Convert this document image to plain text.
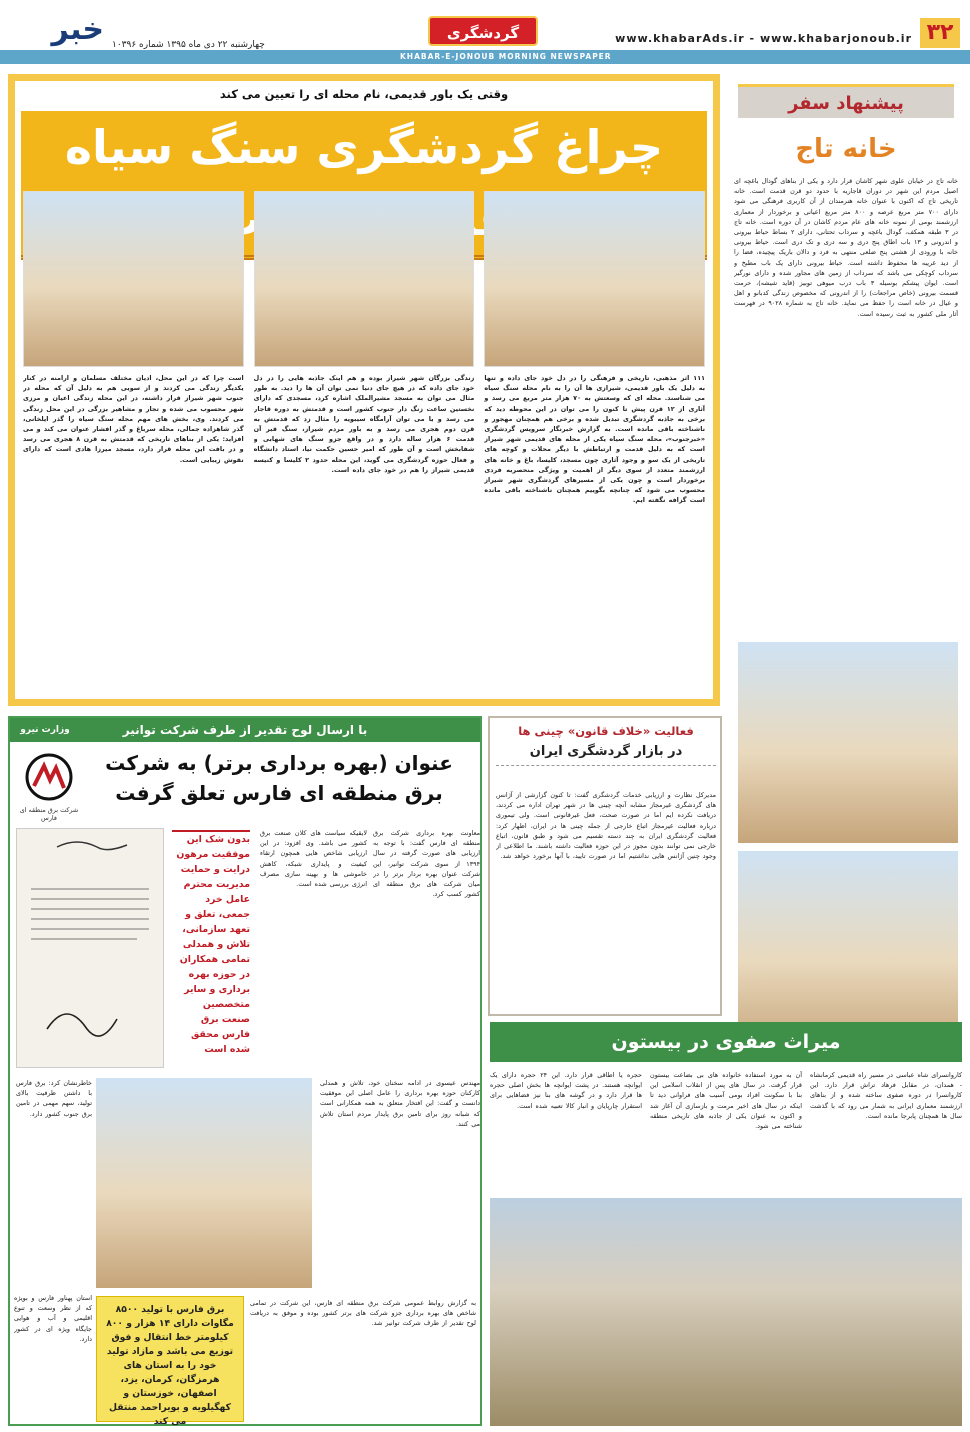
۳۲
www.khabarAds.ir - www.khabarjonoub.ir
گردشگری
خبر چهارشنبه ۲۲ دی ماه ۱۳۹۵ شماره ۱۰۳۹۶
KHABAR-E-JONOUB MORNING NEWSPAPER
وقتی یک باور قدیمی، نام محله ای را تعیین می کند
چراغ گردشگری سنگ سیاه
۱۱۱ اثر مذهبی، تاریخی و فرهنگی را در دل خود جای داده و تنها به دلیل یک باور قدیمی، شیرازی ها آن را به نام محله سنگ سیاه می شناسند. محله ای که وسعتش به ۷۰ هزار متر مربع می رسد و آثاری از ۱۲ قرن پیش تا کنون را می توان در این محوطه دید که برخی به جاذبه گردشگری تبدیل شده و برخی هم همچنان مهجور و ناشناخته باقی مانده است. به گزارش خبرنگار سرویس گردشگری «خبرجنوب»، محله سنگ سیاه یکی از محله های قدیمی شهر شیراز است که به دلیل قدمت و ارتباطش با دیگر محلات و کوچه های تاریخی از یک سو و وجود آثاری چون مسجد، کلیسا، باغ و خانه های ارزشمند متعدد از سوی دیگر از اهمیت و ویژگی منحصربه فردی برخوردار است و چون یکی از مسیرهای گردشگری شهر شیراز محسوب می شود که چنانچه بگوییم همچنان ناشناخته باقی مانده است گزافه نگفته ایم.
زندگی بزرگان شهر شیراز بوده و هم اینک جاذبه هایی را در دل خود جای داده که در هیچ جای دنیا نمی توان آن ها را دید. به طور مثال می توان به مسجد مشیرالملک اشاره کرد، مسجدی که دارای نخستین ساعت زنگ دار جنوب کشور است و قدمتش به دوره قاجار می رسد و یا می توان آرامگاه سیبویه را مثال زد که قدمتش به قرن دوم هجری می رسد و به باور مردم شیراز، سنگ قبر آن قدمت ۶ هزار ساله دارد و در واقع جزو سنگ های شهابی و شفابخش است و آن طور که امیر حسین حکمت نیا، استاد دانشگاه و فعال حوزه گردشگری می گوید، این محله حدود ۲ کلیسا و کنیسه قدیمی شیراز را هم در خود جای داده است.
است چرا که در این محل، ادیان مختلف مسلمان و ارامنه در کنار یکدیگر زندگی می کردند و از سویی هم به دلیل آن که محله در جنوب شهر شیراز قرار داشته، در این محله زندگی اعیان و مرزی شهر محسوب می شده و تجار و مشاهیر بزرگی در این محل زندگی می کردند. وی، بخش های مهم محله سنگ سیاه را گذر ایلخانی، گذر شاهزاده جمالی، محله سرباغ و گذر افشار عنوان می کند و می افزاید: یکی از بناهای تاریخی که قدمتش به قرن ۸ هجری می رسد و در بافت این محله قرار دارد، مسجد میرزا هادی است که دارای نقوش زیبایی است.
پیشنهاد سفر
خانه تاج
خانه تاج در خیابان علوی شهر کاشان قرار دارد و یکی از بناهای گودال باغچه ای اصیل مردم این شهر در دوران قاجاریه با حدود دو قرن قدمت است. خانه تاریخی تاج که اکنون با عنوان خانه هنرمندان از آن کاربری فرهنگی می شود دارای ۷۰۰ متر مربع عرصه و ۸۰۰ متر مربع اعیانی و برخوردار از معماری ارزشمند بومی از نمونه خانه های عام مردم کاشان در آن دوره است. خانه تاج در ۳ طبقه همکف، گودال باغچه و سرداب تحتانی، دارای ۲ بساط حیاط بیرونی و اندرونی و ۱۳ باب اطاق پنج دری و سه دری و تک دری است. حیاط بیرونی خانه با ورودی از هشتی پنج ضلعی منتهی به فرد و دالان باریک پیچیده، فضا را از دید غریبه ها محفوظ داشته است. حیاط بیرونی دارای یک باب مطبخ و سرداب کوچکی می باشد که سرداب از زمین های مجاور شده و دارای نورگیر است. ایوان پیشکم بوسیله ۳ باب درب میوهی توبیز (قاید شیشه)، حرمت قسمت بیرونی (خاص مراجعات) را از اندرونی که مخصوص زندگی کدبانو و اهل و عیال در خانه است را حفظ می نماید. خانه تاج به شماره ۹۰۲۸ در فهرست آثار ملی کشور به ثبت رسیده است.
با ارسال لوح تقدیر از طرف شرکت توانیر
وزارت نیرو
عنوان (بهره برداری برتر) به شرکت برق منطقه ای فارس تعلق گرفت
شرکت برق منطقه ای فارس
بدون شک این موفقیت مرهون درایت و حمایت مدیریت محترم عامل خرد جمعی، تعلق و تعهد سازمانی، تلاش و همدلی تمامی همکاران در حوزه بهره برداری و سایر متخصصین صنعت برق فارس محقق شده است
معاونت بهره برداری شرکت برق منطقه ای فارس گفت: با توجه به ارزیابی های صورت گرفته در سال ۱۳۹۴ از سوی شرکت توانیر، این شرکت عنوان بهره بردار برتر را در میان شرکت های برق منطقه ای کشور کسب کرد.
لایقیکه سیاست های کلان صنعت برق کشور می باشد. وی افزود: در این ارزیابی شاخص هایی همچون ارتقاء کیفیت و پایداری شبکه، کاهش خاموشی ها و بهینه سازی مصرف انرژی بررسی شده است.
مهندس عیسوی در ادامه سخنان خود، تلاش و همدلی کارکنان حوزه بهره برداری را عامل اصلی این موفقیت دانست و گفت: این افتخار متعلق به همه همکارانی است که شبانه روز برای تامین برق پایدار مردم استان تلاش می کنند.
خاطرنشان کرد: برق فارس با داشتن ظرفیت بالای تولید، سهم مهمی در تامین برق جنوب کشور دارد.
برق فارس با تولید ۸۵۰۰ مگاوات دارای ۱۴ هزار و ۸۰۰ کیلومتر خط انتقال و فوق توزیع می باشد و مازاد تولید خود را به استان های هرمزگان، کرمان، یزد، اصفهان، خوزستان و کهگیلویه و بویراحمد منتقل می کند
به گزارش روابط عمومی شرکت برق منطقه ای فارس، این شرکت در تمامی شاخص های بهره برداری جزو شرکت های برتر کشور بوده و موفق به دریافت لوح تقدیر از طرف شرکت توانیر شد.
استان پهناور فارس و بویژه که از نظر وسعت و تنوع اقلیمی و آب و هوایی جایگاه ویژه ای در کشور دارد.
فعالیت «خلاف قانون» چینی ها
در بازار گردشگری ایران
مدیرکل نظارت و ارزیابی خدمات گردشگری گفت: تا کنون گزارشی از آژانس های گردشگری غیرمجاز مشابه آنچه چینی ها در شهر تهران اداره می کردند، دریافت نکرده ایم اما در صورت صحت، فعل غیرقانونی است. ولی تیموری درباره فعالیت غیرمجاز اتباع خارجی از جمله چینی ها در ایران، اظهار کرد: فعالیت گردشگری ایران به چند دسته تقسیم می شود و طبق قانون، اتباع خارجی نمی توانند بدون مجوز در این حوزه فعالیت داشته باشند. ما اطلاعی از وجود چنین آژانس هایی نداشتیم اما در صورت تایید، با آنها برخورد خواهد شد.
میراث صفوی در بیستون
کاروانسرای شاه عباسی در مسیر راه قدیمی کرمانشاه - همدان، در مقابل فرهاد تراش قرار دارد. این کاروانسرا در دوره صفوی ساخته شده و از بناهای ارزشمند معماری ایرانی به شمار می رود که با گذشت سال ها همچنان پابرجا مانده است.
آن به مورد استفاده خانواده های بی بضاعت بیستون قرار گرفت. در سال های پس از انقلاب اسلامی این بنا با سکونت افراد بومی آسیب های فراوانی دید تا اینکه در سال های اخیر مرمت و بازسازی آن آغاز شد و اکنون به عنوان یکی از جاذبه های تاریخی منطقه شناخته می شود.
حجره یا اطاقی قرار دارد. این ۲۴ حجره دارای یک ایوانچه هستند. در پشت ایوانچه ها بخش اصلی حجره ها قرار دارد و در گوشه های بنا نیز فضاهایی برای استقرار چارپایان و انبار کالا تعبیه شده است.
